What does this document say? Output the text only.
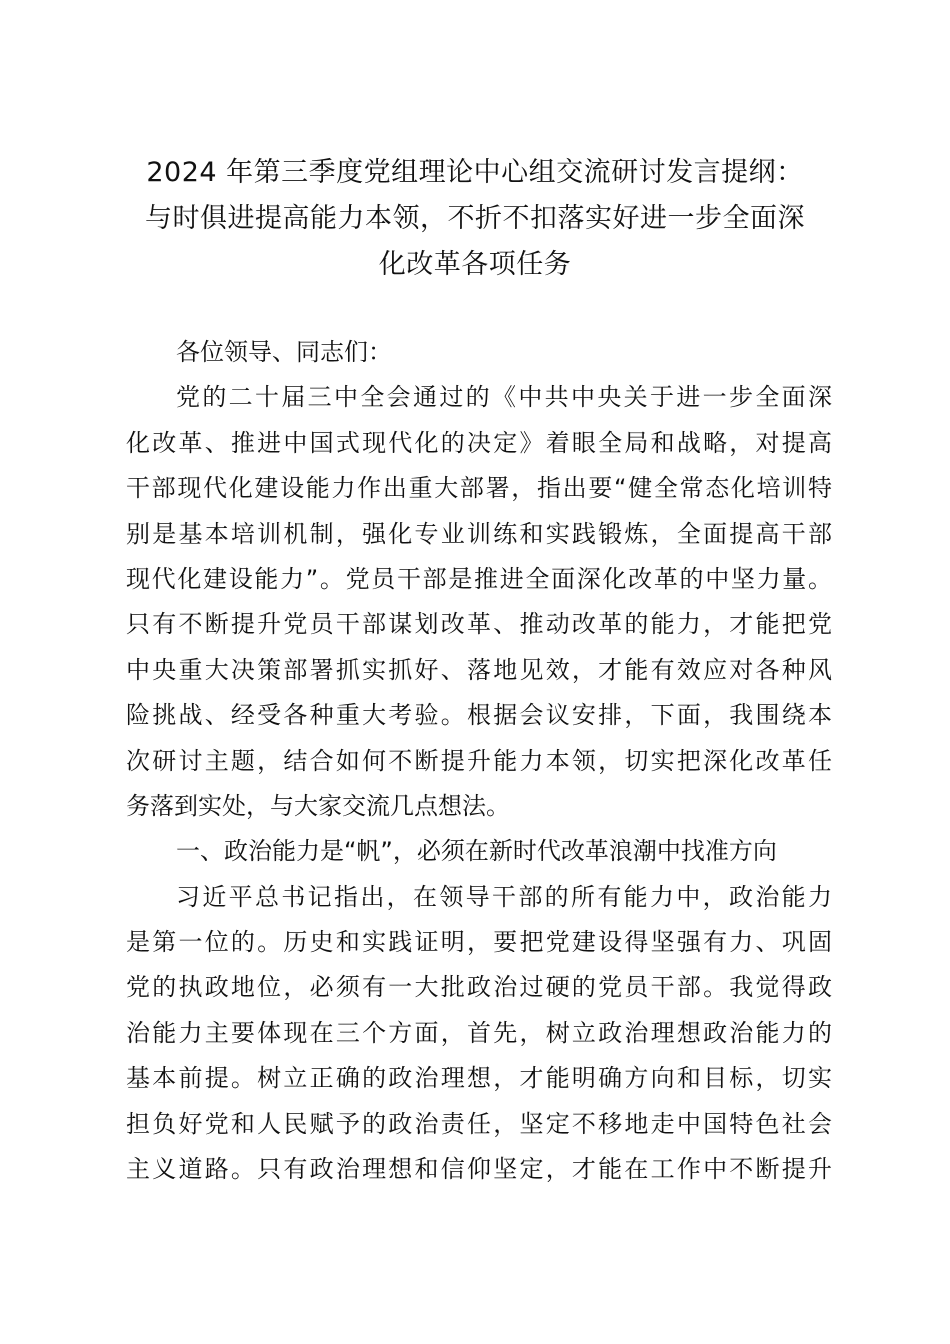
2024 年第三季度党组理论中心组交流研讨发言提纲：
与时俱进提高能力本领，不折不扣落实好进一步全面深
化改革各项任务
各位领导、同志们：
党的二十届三中全会通过的《中共中央关于进一步全面深
化改革、推进中国式现代化的决定》着眼全局和战略，对提高
干部现代化建设能力作出重大部署，指出要“健全常态化培训特
别是基本培训机制，强化专业训练和实践锻炼，全面提高干部
现代化建设能力”。党员干部是推进全面深化改革的中坚力量。
只有不断提升党员干部谋划改革、推动改革的能力，才能把党
中央重大决策部署抓实抓好、落地见效，才能有效应对各种风
险挑战、经受各种重大考验。根据会议安排，下面，我围绕本
次研讨主题，结合如何不断提升能力本领，切实把深化改革任
务落到实处，与大家交流几点想法。
一、政治能力是“帆”，必须在新时代改革浪潮中找准方向
习近平总书记指出，在领导干部的所有能力中，政治能力
是第一位的。历史和实践证明，要把党建设得坚强有力、巩固
党的执政地位，必须有一大批政治过硬的党员干部。我觉得政
治能力主要体现在三个方面，首先，树立政治理想政治能力的
基本前提。树立正确的政治理想，才能明确方向和目标，切实
担负好党和人民赋予的政治责任，坚定不移地走中国特色社会
主义道路。只有政治理想和信仰坚定，才能在工作中不断提升
